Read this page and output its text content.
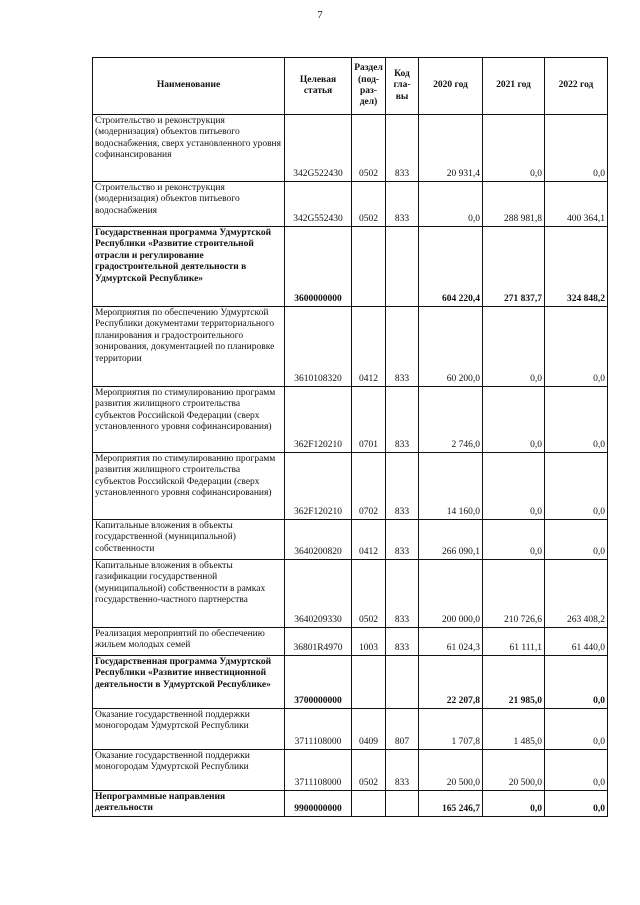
7
Наименование	Целевая статья	Раздел (под-раз-дел)	Код гла-вы	2020 год	2021 год	2022 год
Строительство и реконструкция (модернизация) объектов питьевого водоснабжения, сверх установленного уровня софинансирования	342G522430	0502	833	20 931,4	0,0	0,0
Строительство и реконструкция (модернизация) объектов питьевого водоснабжения	342G552430	0502	833	0,0	288 981,8	400 364,1
Государственная программа Удмуртской Республики «Развитие строительной отрасли и регулирование градостроительной деятельности в Удмуртской Республике»	3600000000			604 220,4	271 837,7	324 848,2
Мероприятия по обеспечению Удмуртской Республики документами территориального планирования и градостроительного зонирования, документацией по планировке территории	3610108320	0412	833	60 200,0	0,0	0,0
Мероприятия по стимулированию программ развития жилищного строительства субъектов Российской Федерации (сверх установленного уровня софинансирования)	362F120210	0701	833	2 746,0	0,0	0,0
Мероприятия по стимулированию программ развития жилищного строительства субъектов Российской Федерации (сверх установленного уровня софинансирования)	362F120210	0702	833	14 160,0	0,0	0,0
Капитальные вложения в объекты государственной (муниципальной) собственности	3640200820	0412	833	266 090,1	0,0	0,0
Капитальные вложения в объекты газификации государственной (муниципальной) собственности в рамках государственно-частного партнерства	3640209330	0502	833	200 000,0	210 726,6	263 408,2
Реализация мероприятий по обеспечению жильем молодых семей	36801R4970	1003	833	61 024,3	61 111,1	61 440,0
Государственная программа Удмуртской Республики «Развитие инвестиционной деятельности в Удмуртской Республике»	3700000000			22 207,8	21 985,0	0,0
Оказание государственной поддержки моногородам Удмуртской Республики	3711108000	0409	807	1 707,8	1 485,0	0,0
Оказание государственной поддержки моногородам Удмуртской Республики	3711108000	0502	833	20 500,0	20 500,0	0,0
Непрограммные направления деятельности	9900000000			165 246,7	0,0	0,0
